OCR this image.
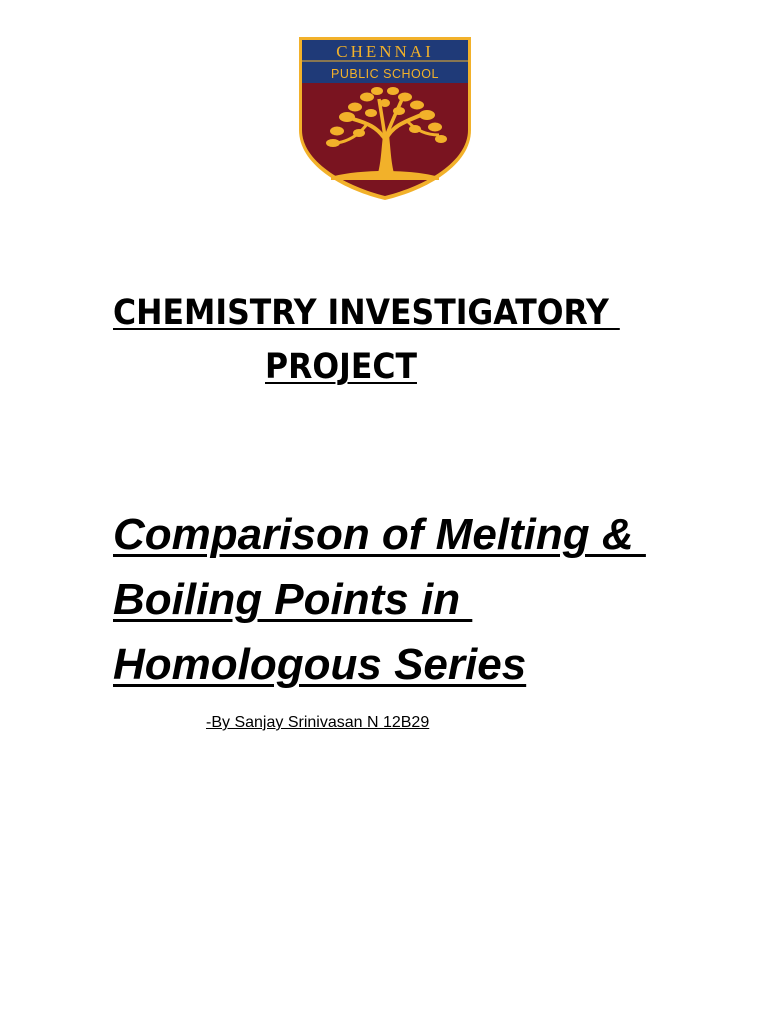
CHENNAI
PUBLIC SCHOOL
CHEMISTRY INVESTIGATORY
PROJECT
Comparison of Melting &
Boiling Points in
Homologous Series
-By Sanjay Srinivasan N 12B29
